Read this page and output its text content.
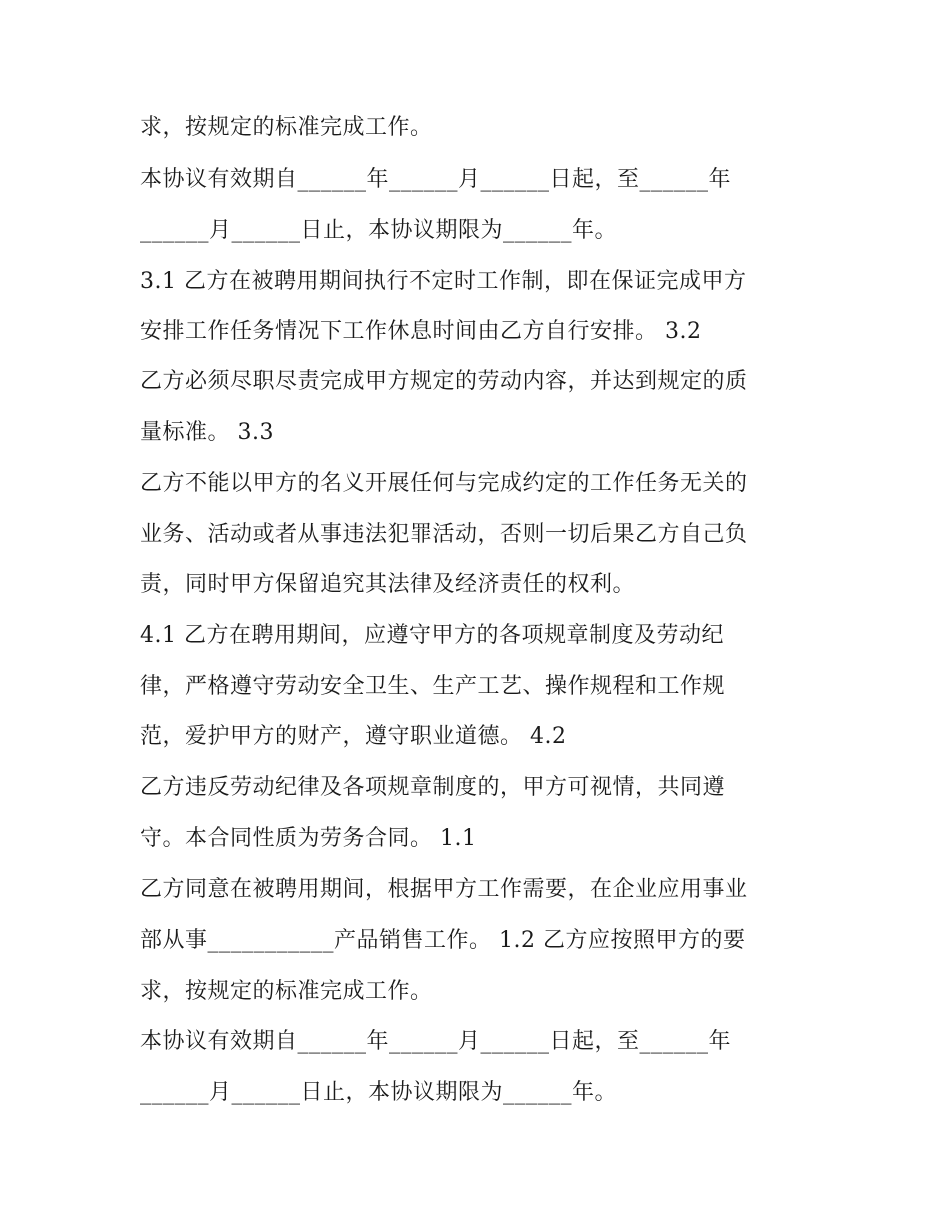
求，按规定的标准完成工作。
本协议有效期自______年______月______日起，至______年
______月______日止，本协议期限为______年。
3.1 乙方在被聘用期间执行不定时工作制，即在保证完成甲方
安排工作任务情况下工作休息时间由乙方自行安排。 3.2
乙方必须尽职尽责完成甲方规定的劳动内容，并达到规定的质
量标准。 3.3
乙方不能以甲方的名义开展任何与完成约定的工作任务无关的
业务、活动或者从事违法犯罪活动，否则一切后果乙方自己负
责，同时甲方保留追究其法律及经济责任的权利。
4.1 乙方在聘用期间，应遵守甲方的各项规章制度及劳动纪
律，严格遵守劳动安全卫生、生产工艺、操作规程和工作规
范，爱护甲方的财产，遵守职业道德。 4.2
乙方违反劳动纪律及各项规章制度的，甲方可视情，共同遵
守。本合同性质为劳务合同。 1.1
乙方同意在被聘用期间，根据甲方工作需要，在企业应用事业
部从事___________产品销售工作。 1.2 乙方应按照甲方的要
求，按规定的标准完成工作。
本协议有效期自______年______月______日起，至______年
______月______日止，本协议期限为______年。
